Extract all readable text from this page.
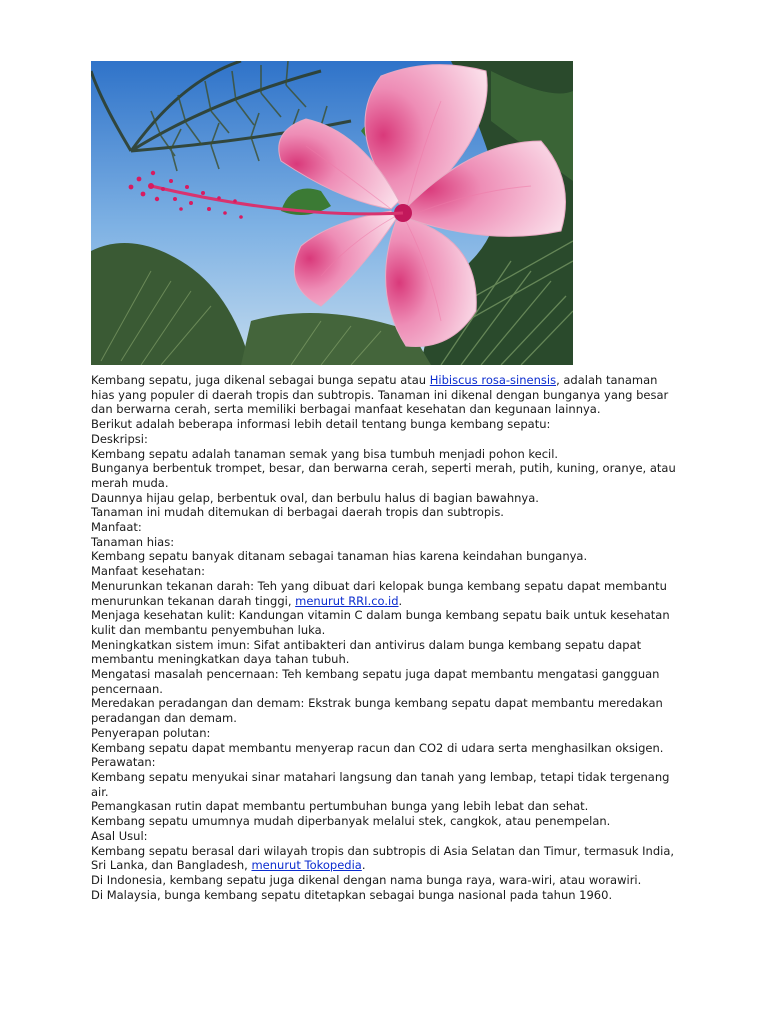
Kembang sepatu, juga dikenal sebagai bunga sepatu atau Hibiscus rosa-sinensis, adalah tanaman hias yang populer di daerah tropis dan subtropis. Tanaman ini dikenal dengan bunganya yang besar dan berwarna cerah, serta memiliki berbagai manfaat kesehatan dan kegunaan lainnya.

Berikut adalah beberapa informasi lebih detail tentang bunga kembang sepatu:

Deskripsi:

Kembang sepatu adalah tanaman semak yang bisa tumbuh menjadi pohon kecil.

Bunganya berbentuk trompet, besar, dan berwarna cerah, seperti merah, putih, kuning, oranye, atau merah muda.

Daunnya hijau gelap, berbentuk oval, dan berbulu halus di bagian bawahnya.

Tanaman ini mudah ditemukan di berbagai daerah tropis dan subtropis.

Manfaat:

Tanaman hias:

Kembang sepatu banyak ditanam sebagai tanaman hias karena keindahan bunganya.

Manfaat kesehatan:

Menurunkan tekanan darah: Teh yang dibuat dari kelopak bunga kembang sepatu dapat membantu menurunkan tekanan darah tinggi, menurut RRI.co.id.

Menjaga kesehatan kulit: Kandungan vitamin C dalam bunga kembang sepatu baik untuk kesehatan kulit dan membantu penyembuhan luka.

Meningkatkan sistem imun: Sifat antibakteri dan antivirus dalam bunga kembang sepatu dapat membantu meningkatkan daya tahan tubuh.

Mengatasi masalah pencernaan: Teh kembang sepatu juga dapat membantu mengatasi gangguan pencernaan.

Meredakan peradangan dan demam: Ekstrak bunga kembang sepatu dapat membantu meredakan peradangan dan demam.

Penyerapan polutan:

Kembang sepatu dapat membantu menyerap racun dan CO2 di udara serta menghasilkan oksigen.

Perawatan:

Kembang sepatu menyukai sinar matahari langsung dan tanah yang lembap, tetapi tidak tergenang air.

Pemangkasan rutin dapat membantu pertumbuhan bunga yang lebih lebat dan sehat.

Kembang sepatu umumnya mudah diperbanyak melalui stek, cangkok, atau penempelan.

Asal Usul:

Kembang sepatu berasal dari wilayah tropis dan subtropis di Asia Selatan dan Timur, termasuk India, Sri Lanka, dan Bangladesh, menurut Tokopedia.

Di Indonesia, kembang sepatu juga dikenal dengan nama bunga raya, wara-wiri, atau worawiri.

Di Malaysia, bunga kembang sepatu ditetapkan sebagai bunga nasional pada tahun 1960.
